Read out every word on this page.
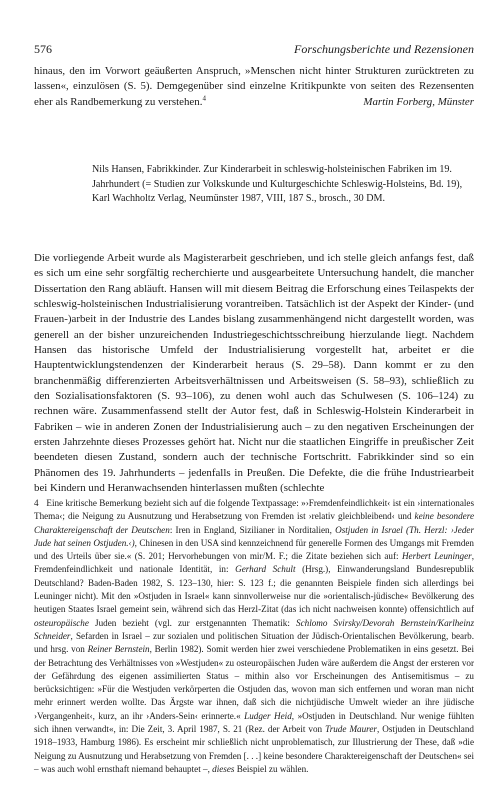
576	Forschungsberichte und Rezensionen

hinaus, den im Vorwort geäußerten Anspruch, »Menschen nicht hinter Strukturen zurücktreten zu lassen«, einzulösen (S. 5). Demgegenüber sind einzelne Kritikpunkte von seiten des Rezensenten eher als Randbemerkung zu verstehen.$^4$	Martin Forberg, Münster

Nils Hansen, Fabrikkinder. Zur Kinderarbeit in schleswig-holsteinischen Fabriken im 19. Jahrhundert (= Studien zur Volkskunde und Kulturgeschichte Schleswig-Holsteins, Bd. 19), Karl Wachholtz Verlag, Neumünster 1987, VIII, 187 S., brosch., 30 DM.

Die vorliegende Arbeit wurde als Magisterarbeit geschrieben, und ich stelle gleich anfangs fest, daß es sich um eine sehr sorgfältig recherchierte und ausgearbeitete Untersuchung handelt, die mancher Dissertation den Rang abläuft. Hansen will mit diesem Beitrag die Erforschung eines Teilaspekts der schleswig-holsteinischen Industrialisierung vorantreiben. Tatsächlich ist der Aspekt der Kinder- (und Frauen-)arbeit in der Industrie des Landes bislang zusammenhängend nicht dargestellt worden, was generell an der bisher unzureichenden Industriegeschichtsschreibung hierzulande liegt. Nachdem Hansen das historische Umfeld der Industrialisierung vorgestellt hat, arbeitet er die Hauptentwicklungstendenzen der Kinderarbeit heraus (S. 29–58). Dann kommt er zu den branchenmäßig differenzierten Arbeitsverhältnissen und Arbeitsweisen (S. 58–93), schließlich zu den Sozialisationsfaktoren (S. 93–106), zu denen wohl auch das Schulwesen (S. 106–124) zu rechnen wäre. Zusammenfassend stellt der Autor fest, daß in Schleswig-Holstein Kinderarbeit in Fabriken – wie in anderen Zonen der Industrialisierung auch – zu den negativen Erscheinungen der ersten Jahrzehnte dieses Prozesses gehört hat. Nicht nur die staatlichen Eingriffe in preußischer Zeit beendeten diesen Zustand, sondern auch der technische Fortschritt. Fabrikkinder sind so ein Phänomen des 19. Jahrhunderts – jedenfalls in Preußen. Die Defekte, die die frühe Industriearbeit bei Kindern und Heranwachsenden hinterlassen mußten (schlechte

4 Eine kritische Bemerkung bezieht sich auf die folgende Textpassage: »›Fremdenfeindlichkeit‹ ist ein ›internationales Thema‹; die Neigung zu Ausnutzung und Herabsetzung von Fremden ist ›relativ gleichbleibend‹ und keine besondere Charaktereigenschaft der Deutschen: Iren in England, Sizilianer in Norditalien, Ostjuden in Israel (Th. Herzl: ›Jeder Jude hat seinen Ostjuden.‹), Chinesen in den USA sind kennzeichnend für generelle Formen des Umgangs mit Fremden und des Urteils über sie.« (S. 201; Hervorhebungen von mir/M. F.; die Zitate beziehen sich auf: Herbert Leuninger, Fremdenfeindlichkeit und nationale Identität, in: Gerhard Schult (Hrsg.), Einwanderungsland Bundesrepublik Deutschland? Baden-Baden 1982, S. 123–130, hier: S. 123 f.; die genannten Beispiele finden sich allerdings bei Leuninger nicht). Mit den »Ostjuden in Israel« kann sinnvollerweise nur die »orientalisch-jüdische« Bevölkerung des heutigen Staates Israel gemeint sein, während sich das Herzl-Zitat (das ich nicht nachweisen konnte) offensichtlich auf osteuropäische Juden bezieht (vgl. zur erstgenannten Thematik: Schlomo Svirsky/Devorah Bernstein/Karlheinz Schneider, Sefarden in Israel – zur sozialen und politischen Situation der Jüdisch-Orientalischen Bevölkerung, bearb. und hrsg. von Reiner Bernstein, Berlin 1982). Somit werden hier zwei verschiedene Problematiken in eins gesetzt. Bei der Betrachtung des Verhältnisses von »Westjuden« zu osteuropäischen Juden wäre außerdem die Angst der ersteren vor der Gefährdung des eigenen assimilierten Status – mithin also vor Erscheinungen des Antisemitismus – zu berücksichtigen: »Für die Westjuden verkörperten die Ostjuden das, wovon man sich entfernen und woran man nicht mehr erinnert werden wollte. Das Ärgste war ihnen, daß sich die nichtjüdische Umwelt wieder an ihre jüdische ›Vergangenheit‹, kurz, an ihr ›Anders-Sein‹ erinnerte.« Ludger Heid, »Ostjuden in Deutschland. Nur wenige fühlten sich ihnen verwandt«, in: Die Zeit, 3. April 1987, S. 21 (Rez. der Arbeit von Trude Maurer, Ostjuden in Deutschland 1918–1933, Hamburg 1986). Es erscheint mir schließlich nicht unproblematisch, zur Illustrierung der These, daß »die Neigung zu Ausnutzung und Herabsetzung von Fremden [. . .] keine besondere Charaktereigenschaft der Deutschen« sei – was auch wohl ernsthaft niemand behauptet –, dieses Beispiel zu wählen.
